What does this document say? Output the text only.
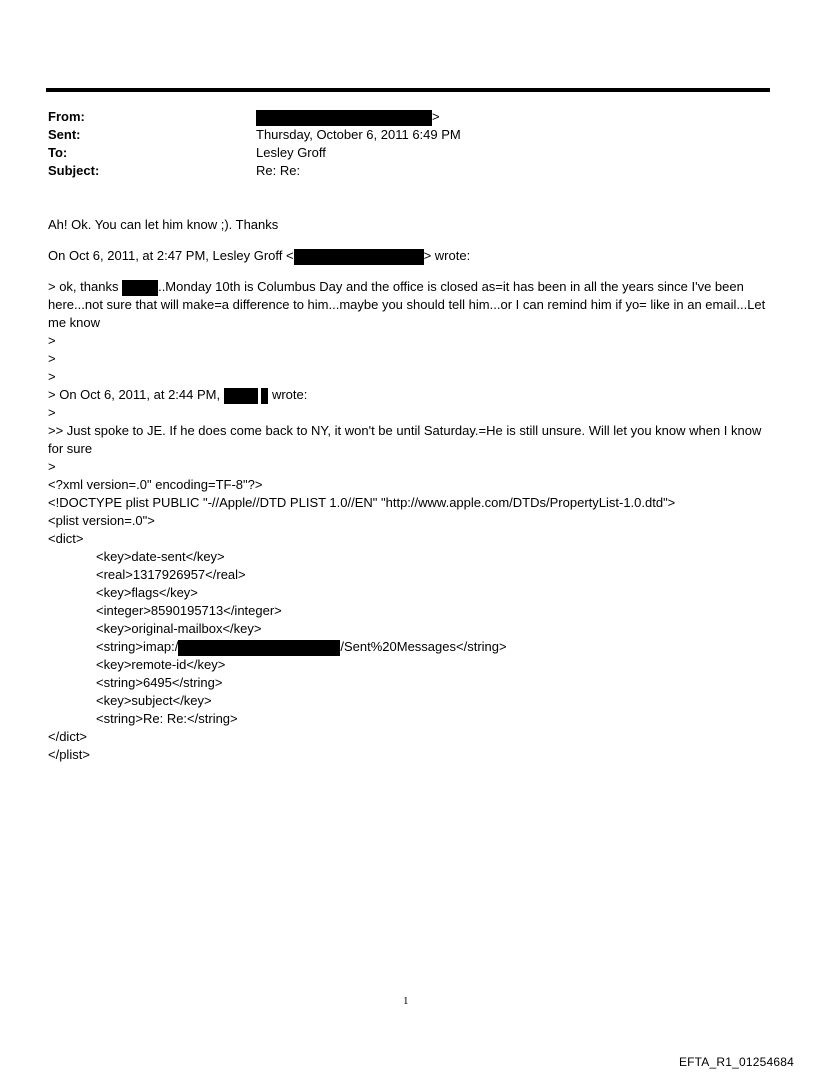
From:	>
Sent:	Thursday, October 6, 2011 6:49 PM
To:	Lesley Groff
Subject:	Re: Re:
Ah! Ok. You can let him know ;). Thanks
On Oct 6, 2011, at 2:47 PM, Lesley Groff <	> wrote:
> ok, thanks	..Monday 10th is Columbus Day and the office is closed as=it has been in all the years since I've been here...not sure that will make=a difference to him...maybe you should tell him...or I can remind him if yo= like in an email...Let me know
>
>
>
> On Oct 6, 2011, at 2:44 PM,	wrote:
>
>> Just spoke to JE. If he does come back to NY, it won't be until Saturday.=He is still unsure. Will let you know when I know for sure
>
<?xml version=.0" encoding=TF-8"?>
<!DOCTYPE plist PUBLIC "-//Apple//DTD PLIST 1.0//EN" "http://www.apple.com/DTDs/PropertyList-1.0.dtd">
<plist version=.0">
<dict>
<key>date-sent</key>
<real>1317926957</real>
<key>flags</key>
<integer>8590195713</integer>
<key>original-mailbox</key>
<string>imap:/	/Sent%20Messages</string>
<key>remote-id</key>
<string>6495</string>
<key>subject</key>
<string>Re: Re:</string>
</dict>
</plist>
1
EFTA_R1_01254684
